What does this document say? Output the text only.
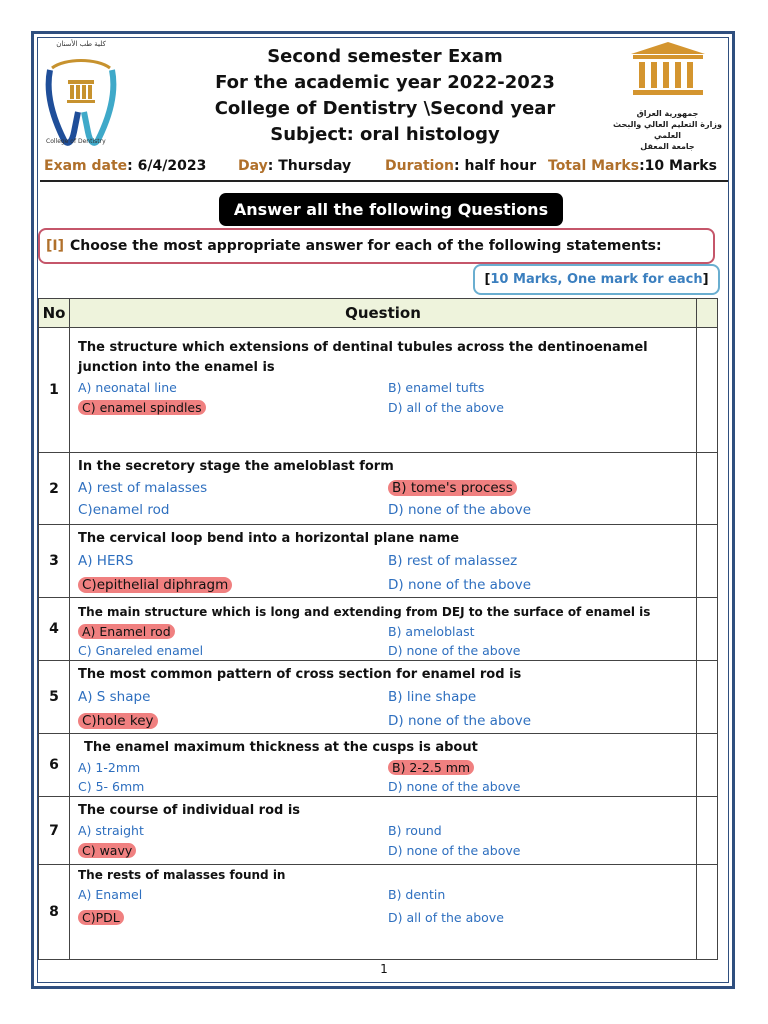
كلية طب الأسنان
College of Dentistry
جمهورية العراق
وزارة التعليم العالي والبحث العلمي
جامعة المعقل
Second semester Exam
For the academic year 2022-2023
College of Dentistry \Second year
Subject: oral histology
Exam date: 6/4/2023 Day: Thursday Duration: half hour Total Marks:10 Marks
Answer all the following Questions
[I] Choose the most appropriate answer for each of the following statements:
[ 10 Marks, One mark for each ]
No	Question	
1	The structure which extensions of dentinal tubules across the dentinoenamel junction into the enamel is
A) neonatal line B) enamel tufts
C) enamel spindles D) all of the above	

2	In the secretory stage the ameloblast form
A) rest of malasses B) tome's process
C)enamel rod D) none of the above	

3	The cervical loop bend into a horizontal plane name
A) HERS B) rest of malassez
C)epithelial diphragm D) none of the above	

4	The main structure which is long and extending from DEJ to the surface of enamel is
A) Enamel rod B) ameloblast
C) Gnareled enamel D) none of the above	

5	The most common pattern of cross section for enamel rod is
A) S shape B) line shape
C)hole key D) none of the above	

6	The enamel maximum thickness at the cusps is about
A) 1-2mm B) 2-2.5 mm
C) 5- 6mm D) none of the above	

7	The course of individual rod is
A) straight B) round
C) wavy D) none of the above	

8	The rests of malasses found in
A) Enamel B) dentin
C)PDL D) all of the above	

1
